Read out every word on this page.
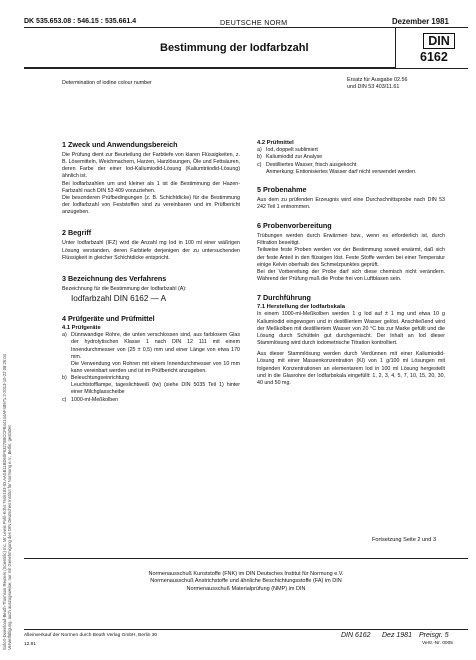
Sofort-Download-Beuth-Thomson Reuters (Scientific) Inc. Mr Lewis Pohl-KdNr.7546193-ID.AASB11BD60F63275BCCFB44144AF48971.2-2013-10-22 08:26:04 Vervielfältigung, auch auszugsweise, nur mit Genehmigung des DIN Deutsches Institut für Normung e.V., Berlin, gestattet
DK 535.653.08 : 546.15 : 535.661.4	DEUTSCHE NORM	Dezember 1981
Bestimmung der Iodfarbzahl	DIN
6162
Determination of iodine colour number	Ersatz für Ausgabe 02.56
und DIN 53 403/11.61
1 Zweck und Anwendungsbereich
Die Prüfung dient zur Beurteilung der Farbtiefe von klaren Flüssigkeiten, z. B. Lösemitteln, Weichmachern, Harzen, Harzlösungen, Öle und Fettsäuren, deren Farbe der einer Iod-Kaliumiodid-Lösung (Kaliumtriiodid-Lösung) ähnlich ist.
Bei Iodfarbzahlen um und kleiner als 1 ist die Bestimmung der Hazen-Farbzahl nach DIN 53 409 vorzuziehen.
Die besonderen Prüfbedingungen (z. B. Schichtdicke) für die Bestimmung der Iodfarbzahl von Feststoffen sind zu vereinbaren und im Prüfbericht anzugeben.
2 Begriff
Unter Iodfarbzahl (IFZ) wird die Anzahl mg Iod in 100 ml einer wäßrigen Lösung verstanden, deren Farbtiefe derjenigen der zu untersuchenden Flüssigkeit in gleicher Schichtdicke entspricht.
3 Bezeichnung des Verfahrens
Bezeichnung für die Bestimmung der Iodfarbzahl (A):
Iodfarbzahl DIN 6162 — A
4 Prüfgeräte und Prüfmittel
4.1 Prüfgeräte
a) Dünnwandige Rohre, die unten verschlossen sind, aus farblosem Glas der hydrolytischen Klasse 1 nach DIN 12 111 mit einem Innendurchmesser von (25 ± 0,5) mm und einer Länge von etwa 170 mm.
Die Verwendung von Rohren mit einem Innendurchmesser von 10 mm kann vereinbart werden und ist im Prüfbericht anzugeben.
b) Beleuchtungseinrichtung
Leuchtstofflampe, tageslichtweiß (tw) (siehe DIN 5035 Teil 1) hinter einer Milchglasscheibe
c) 1000-ml-Meßkolben
4.2 Prüfmittel
a) Iod, doppelt sublimiert
b) Kaliumiodid zur Analyse
c) Destilliertes Wasser, frisch ausgekocht
Anmerkung: Entionisiertes Wasser darf nicht verwendet werden.
5 Probenahme
Aus dem zu prüfenden Erzeugnis wird eine Durchschnittsprobe nach DIN 53 242 Teil 1 entnommen.
6 Probenvorbereitung
Trübungen werden durch Erwärmen bzw., wenn es erforderlich ist, durch Filtration beseitigt.
Teilweise feste Proben werden vor der Bestimmung soweit erwärmt, daß sich der feste Anteil in den flüssigen löst. Feste Stoffe werden bei einer Temperatur einige Kelvin oberhalb des Schmelzpunktes geprüft.
Bei der Vorbereitung der Probe darf sich diese chemisch nicht verändern. Während der Prüfung muß die Probe frei von Luftblasen sein.
7 Durchführung
7.1 Herstellung der Iodfarbskala
In einem 1000-ml-Meßkolben werden 1 g Iod auf ± 1 mg und etwa 10 g Kaliumiodid eingewogen und in destilliertem Wasser gelöst. Anschließend wird der Meßkolben mit destilliertem Wasser von 20 °C bis zur Marke gefüllt und die Lösung durch Schütteln gut durchgemischt. Der Inhalt an Iod dieser Stammlösung wird durch iodometrische Titration kontrolliert.
Aus dieser Stammlösung werden durch Verdünnen mit einer Kaliumiodid-Lösung mit einer Massenkonzentration (KI) von 1 g/100 ml Lösungen mit folgenden Konzentrationen an elementarem Iod in 100 ml Lösung hergestellt und in die Glasrohre der Iodfarbskala eingefüllt: 1, 2, 3, 4, 5, 7, 10, 15, 20, 30, 40 und 50 mg.
Fortsetzung Seite 2 und 3
Normenausschuß Kunststoffe (FNK) im DIN Deutsches Institut für Normung e.V.
Normenausschuß Anstrichstoffe und ähnliche Beschichtungsstoffe (FA) im DIN
Normenausschuß Materialprüfung (NMP) im DIN
Alleinverkauf der Normen durch Beuth Verlag GmbH, Berlin 30
12.81
DIN 6162 Dez 1981 Preisgr. 5
Vertr.-Nr. 0005
